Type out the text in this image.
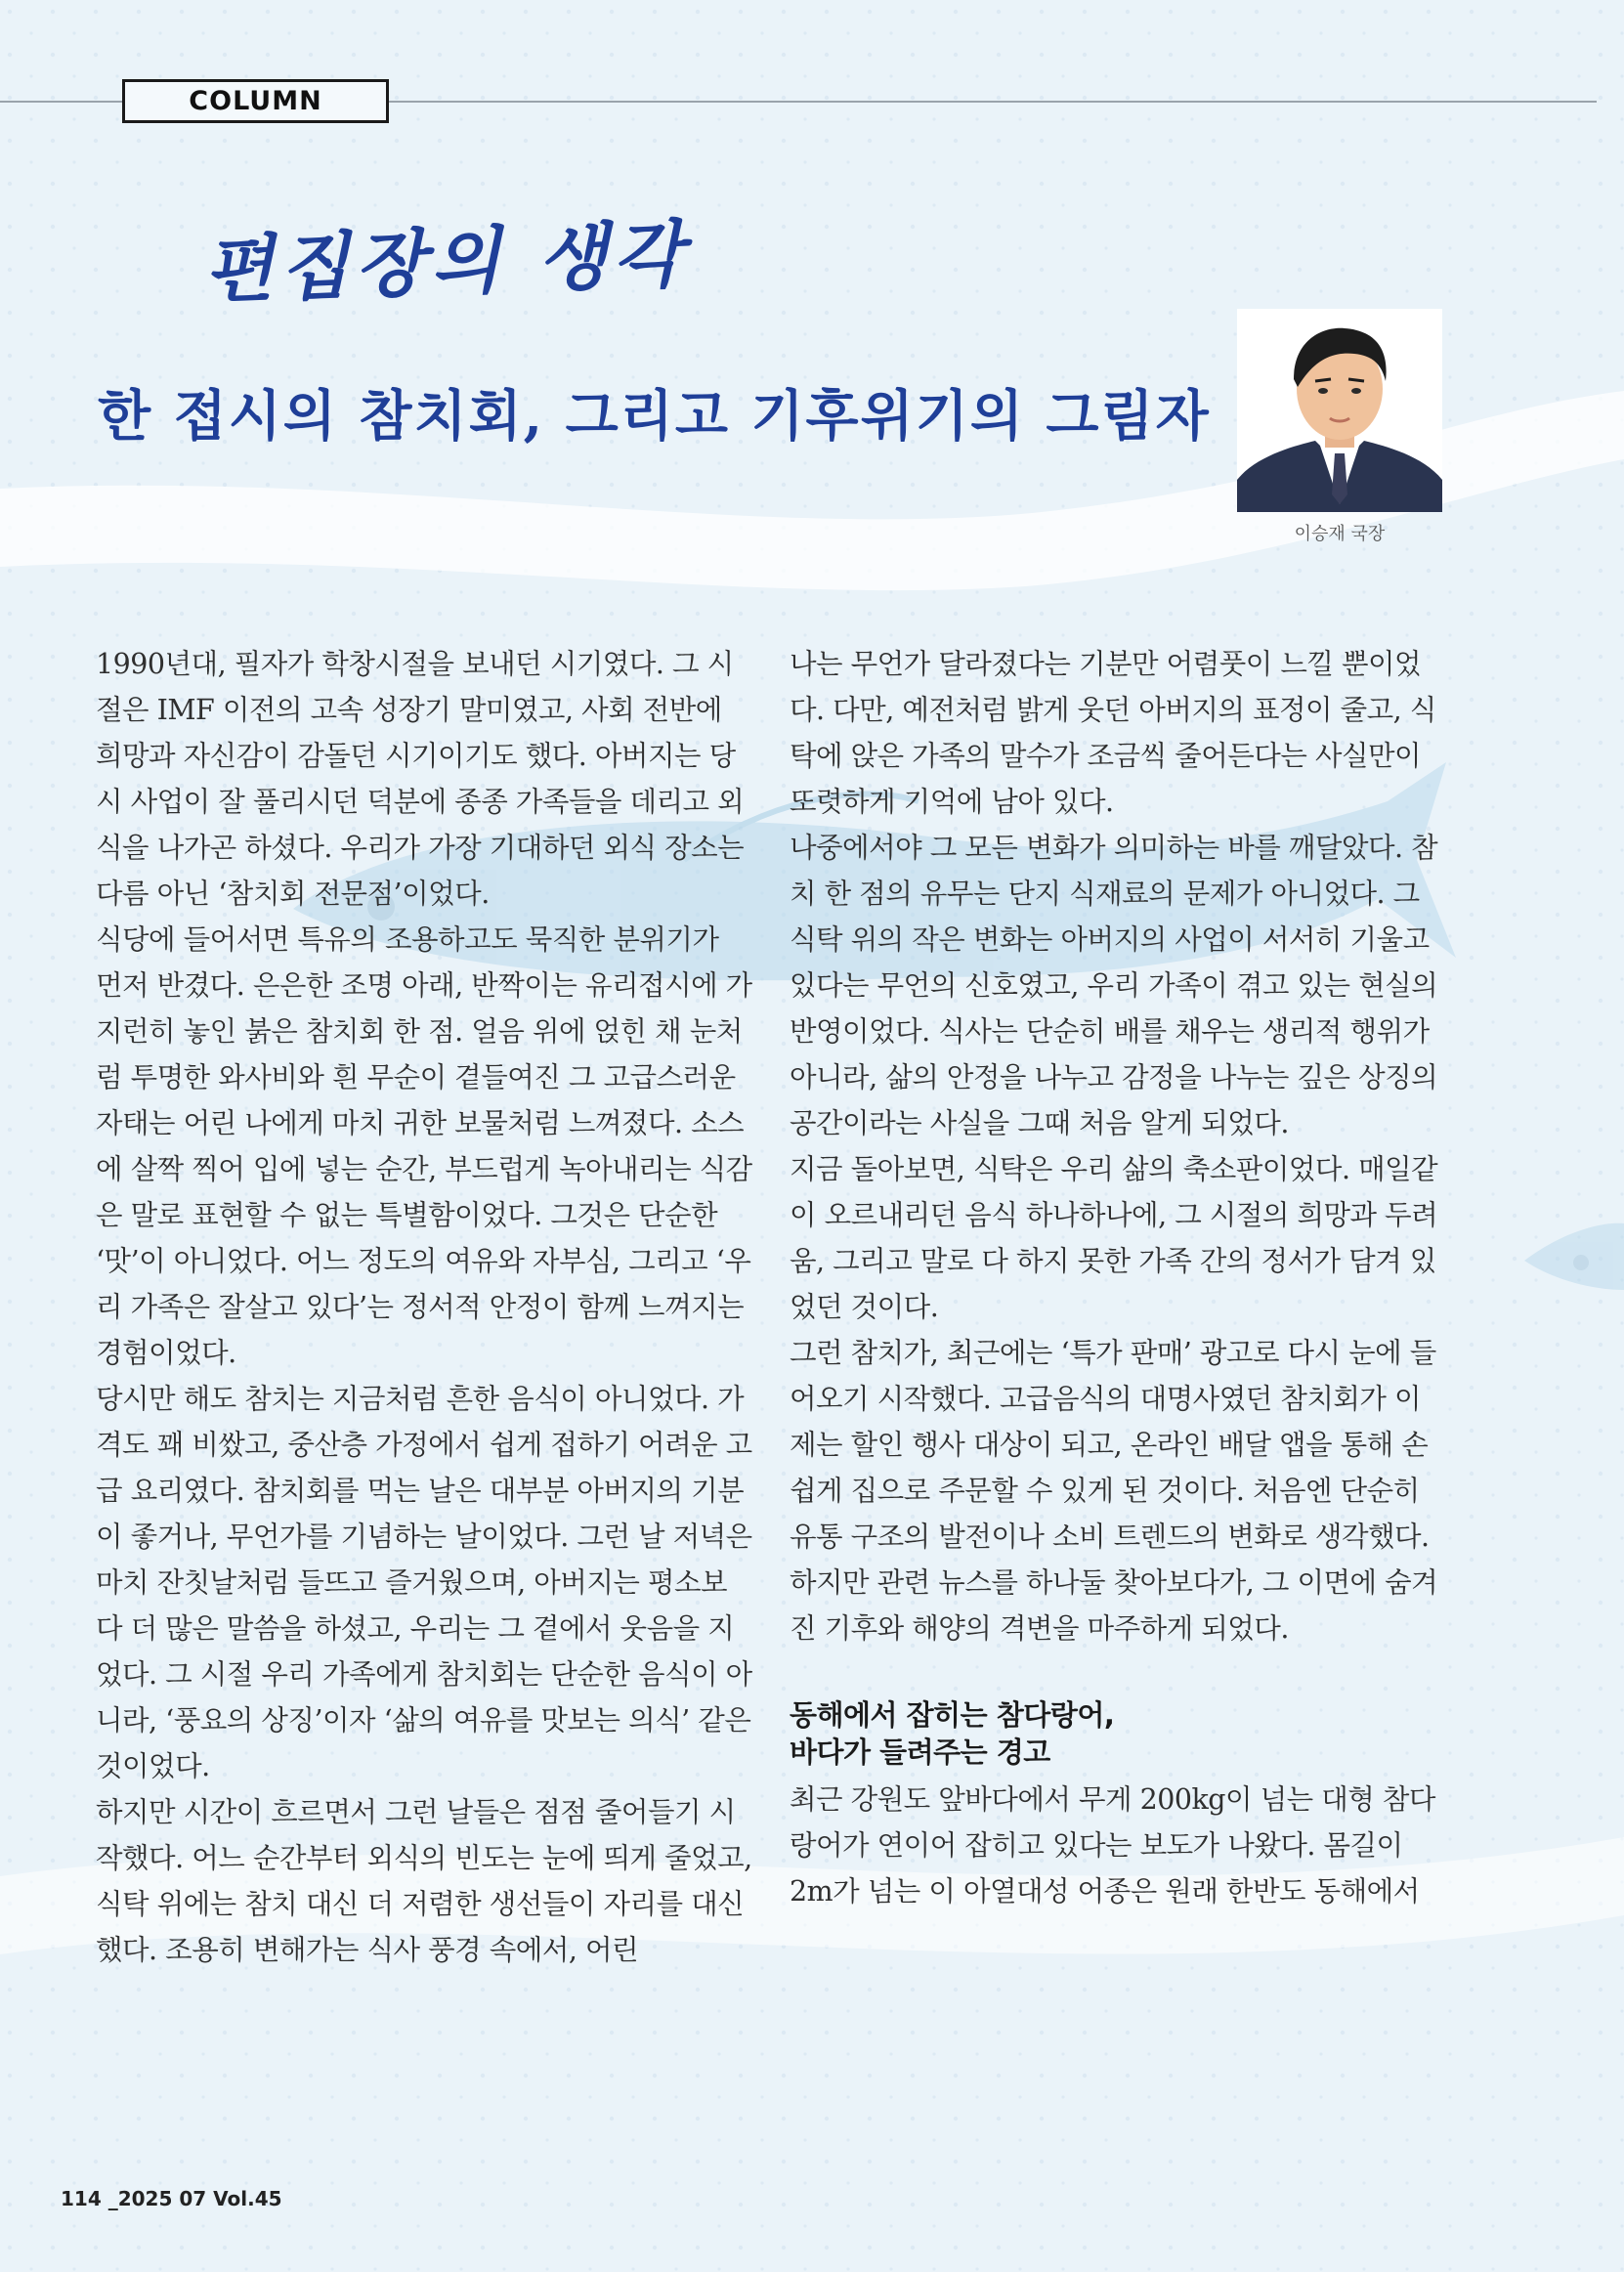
COLUMN
편집장의 생각
한 접시의 참치회, 그리고 기후위기의 그림자
이승재 국장

1990년대, 필자가 학창시절을 보내던 시기였다. 그 시절은 IMF 이전의 고속 성장기 말미였고, 사회 전반에 희망과 자신감이 감돌던 시기이기도 했다. 아버지는 당시 사업이 잘 풀리시던 덕분에 종종 가족들을 데리고 외식을 나가곤 하셨다. 우리가 가장 기대하던 외식 장소는 다름 아닌 ‘참치회 전문점’이었다.

식당에 들어서면 특유의 조용하고도 묵직한 분위기가 먼저 반겼다. 은은한 조명 아래, 반짝이는 유리접시에 가지런히 놓인 붉은 참치회 한 점. 얼음 위에 얹힌 채 눈처럼 투명한 와사비와 흰 무순이 곁들여진 그 고급스러운 자태는 어린 나에게 마치 귀한 보물처럼 느껴졌다. 소스에 살짝 찍어 입에 넣는 순간, 부드럽게 녹아내리는 식감은 말로 표현할 수 없는 특별함이었다. 그것은 단순한 ‘맛’이 아니었다. 어느 정도의 여유와 자부심, 그리고 ‘우리 가족은 잘살고 있다’는 정서적 안정이 함께 느껴지는 경험이었다.

당시만 해도 참치는 지금처럼 흔한 음식이 아니었다. 가격도 꽤 비쌌고, 중산층 가정에서 쉽게 접하기 어려운 고급 요리였다. 참치회를 먹는 날은 대부분 아버지의 기분이 좋거나, 무언가를 기념하는 날이었다. 그런 날 저녁은 마치 잔칫날처럼 들뜨고 즐거웠으며, 아버지는 평소보다 더 많은 말씀을 하셨고, 우리는 그 곁에서 웃음을 지었다. 그 시절 우리 가족에게 참치회는 단순한 음식이 아니라, ‘풍요의 상징’이자 ‘삶의 여유를 맛보는 의식’ 같은 것이었다.

하지만 시간이 흐르면서 그런 날들은 점점 줄어들기 시작했다. 어느 순간부터 외식의 빈도는 눈에 띄게 줄었고, 식탁 위에는 참치 대신 더 저렴한 생선들이 자리를 대신했다. 조용히 변해가는 식사 풍경 속에서, 어린

나는 무언가 달라졌다는 기분만 어렴풋이 느낄 뿐이었다. 다만, 예전처럼 밝게 웃던 아버지의 표정이 줄고, 식탁에 앉은 가족의 말수가 조금씩 줄어든다는 사실만이 또렷하게 기억에 남아 있다.

나중에서야 그 모든 변화가 의미하는 바를 깨달았다. 참치 한 점의 유무는 단지 식재료의 문제가 아니었다. 그 식탁 위의 작은 변화는 아버지의 사업이 서서히 기울고 있다는 무언의 신호였고, 우리 가족이 겪고 있는 현실의 반영이었다. 식사는 단순히 배를 채우는 생리적 행위가 아니라, 삶의 안정을 나누고 감정을 나누는 깊은 상징의 공간이라는 사실을 그때 처음 알게 되었다.

지금 돌아보면, 식탁은 우리 삶의 축소판이었다. 매일같이 오르내리던 음식 하나하나에, 그 시절의 희망과 두려움, 그리고 말로 다 하지 못한 가족 간의 정서가 담겨 있었던 것이다.

그런 참치가, 최근에는 ‘특가 판매’ 광고로 다시 눈에 들어오기 시작했다. 고급음식의 대명사였던 참치회가 이제는 할인 행사 대상이 되고, 온라인 배달 앱을 통해 손쉽게 집으로 주문할 수 있게 된 것이다. 처음엔 단순히 유통 구조의 발전이나 소비 트렌드의 변화로 생각했다. 하지만 관련 뉴스를 하나둘 찾아보다가, 그 이면에 숨겨진 기후와 해양의 격변을 마주하게 되었다.

동해에서 잡히는 참다랑어,
바다가 들려주는 경고

최근 강원도 앞바다에서 무게 200kg이 넘는 대형 참다랑어가 연이어 잡히고 있다는 보도가 나왔다. 몸길이 2m가 넘는 이 아열대성 어종은 원래 한반도 동해에서

114 _2025 07 Vol.45
